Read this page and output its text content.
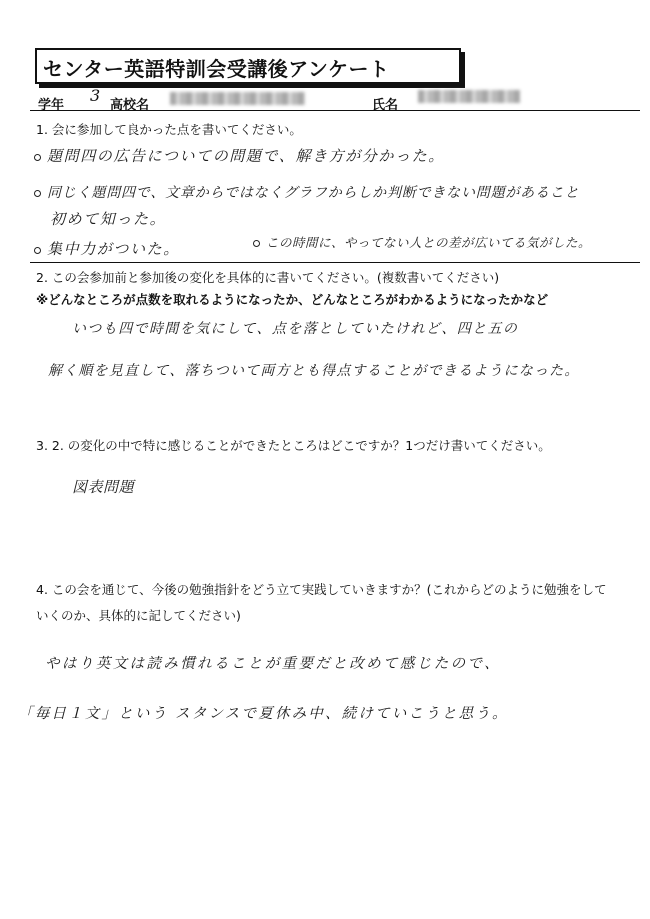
センター英語特訓会受講後アンケート
学年
3
高校名	氏名
1. 会に参加して良かった点を書いてください。
題問四の広告についての問題で、解き方が分かった。
同じく題問四で、文章からではなくグラフからしか判断できない問題があること
初めて知った。
集中力がついた。	この時間に、やってない人との差が広いてる気がした。
2. この会参加前と参加後の変化を具体的に書いてください。(複数書いてください)
※どんなところが点数を取れるようになったか、どんなところがわかるようになったかなど
いつも四で時間を気にして、点を落としていたけれど、四と五の
解く順を見直して、落ちついて両方とも得点することができるようになった。
3. 2. の変化の中で特に感じることができたところはどこですか？1つだけ書いてください。
図表問題
4. この会を通じて、今後の勉強指針をどう立て実践していきますか？(これからどのように勉強をして
いくのか、具体的に記してください)
やはり英文は読み慣れることが重要だと改めて感じたので、
「毎日１文」という スタンスで夏休み中、続けていこうと思う。
